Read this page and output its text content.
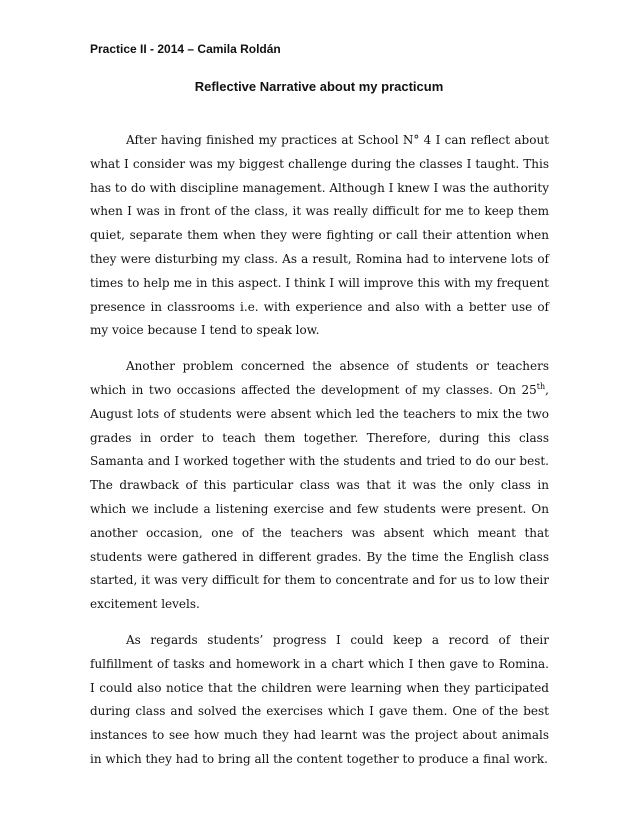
Practice II - 2014 – Camila Roldán
Reflective Narrative about my practicum

After having finished my practices at School N° 4 I can reflect about what I consider was my biggest challenge during the classes I taught. This has to do with discipline management. Although I knew I was the authority when I was in front of the class, it was really difficult for me to keep them quiet, separate them when they were fighting or call their attention when they were disturbing my class. As a result, Romina had to intervene lots of times to help me in this aspect. I think I will improve this with my frequent presence in classrooms i.e. with experience and also with a better use of my voice because I tend to speak low.

Another problem concerned the absence of students or teachers which in two occasions affected the development of my classes. On 25th, August lots of students were absent which led the teachers to mix the two grades in order to teach them together. Therefore, during this class Samanta and I worked together with the students and tried to do our best. The drawback of this particular class was that it was the only class in which we include a listening exercise and few students were present. On another occasion, one of the teachers was absent which meant that students were gathered in different grades. By the time the English class started, it was very difficult for them to concentrate and for us to low their excitement levels.

As regards students’ progress I could keep a record of their fulfillment of tasks and homework in a chart which I then gave to Romina. I could also notice that the children were learning when they participated during class and solved the exercises which I gave them. One of the best instances to see how much they had learnt was the project about animals in which they had to bring all the content together to produce a final work.
